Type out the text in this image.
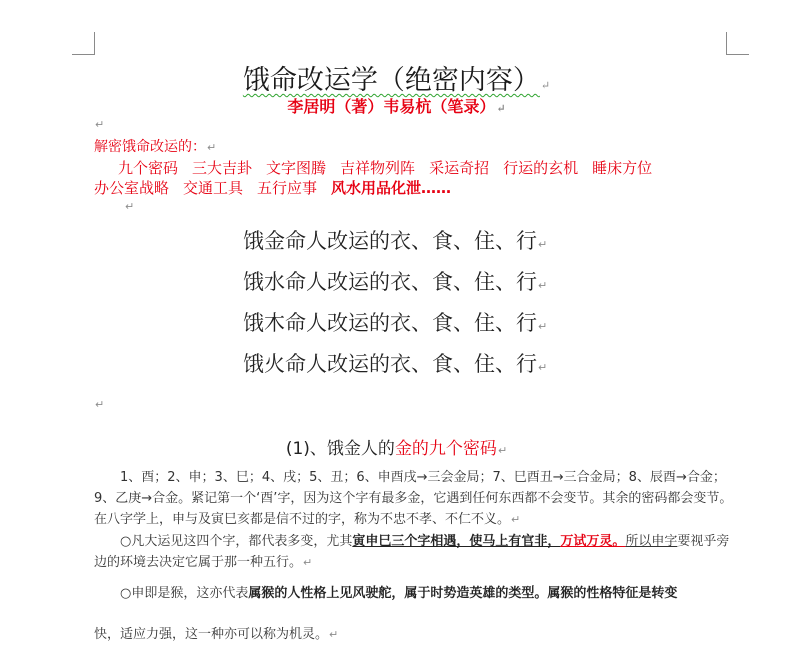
饿命改运学（绝密内容）↵
李居明（著）韦易杭（笔录）↵
↵
解密饿命改运的：↵
九个密码 三大吉卦 文字图腾 吉祥物列阵 采运奇招 行运的玄机 睡床方位
办公室战略 交通工具 五行应事 风水用品化泄……
↵
饿金命人改运的衣、食、住、行↵
饿水命人改运的衣、食、住、行↵
饿木命人改运的衣、食、住、行↵
饿火命人改运的衣、食、住、行↵
↵
(1)、饿金人的金的九个密码↵
1、酉；2、申；3、巳；4、戌；5、丑；6、申酉戌→三会金局；7、巳酉丑→三合金局；8、辰酉→合金；9、乙庚→合金。紧记第一个‘酉’字，因为这个字有最多金，它遇到任何东西都不会变节。其余的密码都会变节。在八字学上，申与及寅巳亥都是信不过的字，称为不忠不孝、不仁不义。↵
○凡大运见这四个字，都代表多变，尤其寅申巳三个字相遇，使马上有官非，万试万灵。所以申字要视乎旁边的环境去决定它属于那一种五行。↵
○申即是猴，这亦代表属猴的人性格上见风驶舵，属于时势造英雄的类型。属猴的性格特征是转变
快，适应力强，这一种亦可以称为机灵。↵
